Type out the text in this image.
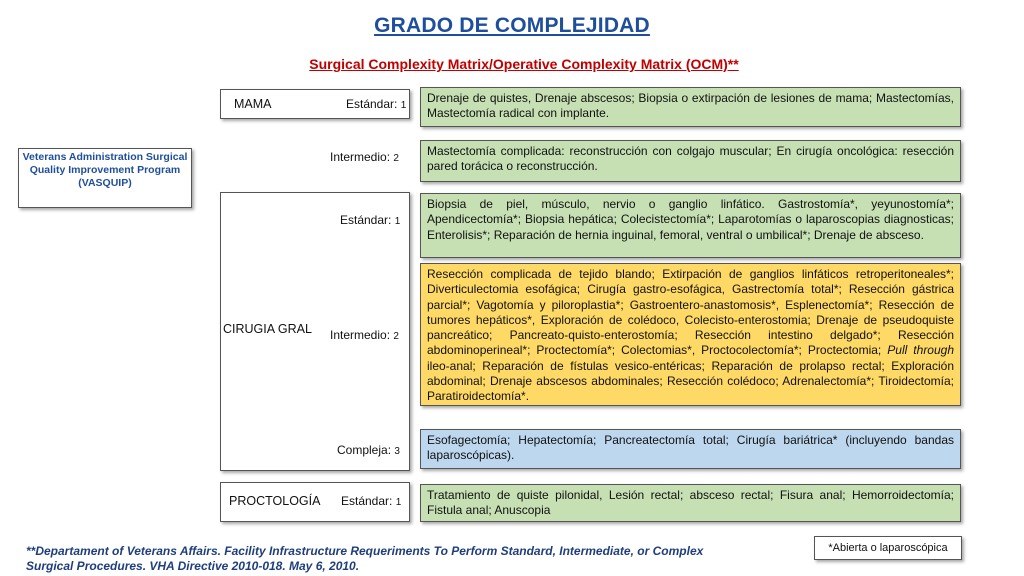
GRADO DE COMPLEJIDAD
Surgical Complexity Matrix/Operative Complexity Matrix (OCM)**
Veterans Administration Surgical Quality Improvement Program (VASQUIP)
MAMA	Estándar: 1
Intermedio: 2
Drenaje de quistes, Drenaje abscesos; Biopsia o extirpación de lesiones de mama; Mastectomías, Mastectomía radical con implante.
Mastectomía complicada: reconstrucción con colgajo muscular; En cirugía oncológica: resección pared torácica o reconstrucción.
CIRUGIA GRAL
Estándar: 1
Intermedio: 2
Compleja: 3
Biopsia de piel, músculo, nervio o ganglio linfático. Gastrostomía*, yeyunostomía*; Apendicectomía*; Biopsia hepática; Colecistectomía*; Laparotomías o laparoscopias diagnosticas; Enterolisis*; Reparación de hernia inguinal, femoral, ventral o umbilical*; Drenaje de absceso.
Resección complicada de tejido blando; Extirpación de ganglios linfáticos retroperitoneales*; Diverticulectomia esofágica; Cirugía gastro-esofágica, Gastrectomía total*; Resección gástrica parcial*; Vagotomía y piloroplastia*; Gastroentero-anastomosis*, Esplenectomía*; Resección de tumores hepáticos*, Exploración de colédoco, Colecisto-enterostomia; Drenaje de pseudoquiste pancreático; Pancreato-quisto-enterostomía; Resección intestino delgado*; Resección abdominoperineal*; Proctectomía*; Colectomias*, Proctocolectomía*; Proctectomia; Pull through ileo-anal; Reparación de fístulas vesico-entéricas; Reparación de prolapso rectal; Exploración abdominal; Drenaje abscesos abdominales; Resección colédoco; Adrenalectomía*; Tiroidectomía; Paratiroidectomía*.
Esofagectomía; Hepatectomía; Pancreatectomía total; Cirugía bariátrica* (incluyendo bandas laparoscópicas).
PROCTOLOGÍA Estándar: 1
Tratamiento de quiste pilonidal, Lesión rectal; absceso rectal; Fisura anal; Hemorroidectomía; Fistula anal; Anuscopia
**Departament of Veterans Affairs. Facility Infrastructure Requeriments To Perform Standard, Intermediate, or Complex Surgical Procedures. VHA Directive 2010-018. May 6, 2010.
*Abierta o laparoscópica
